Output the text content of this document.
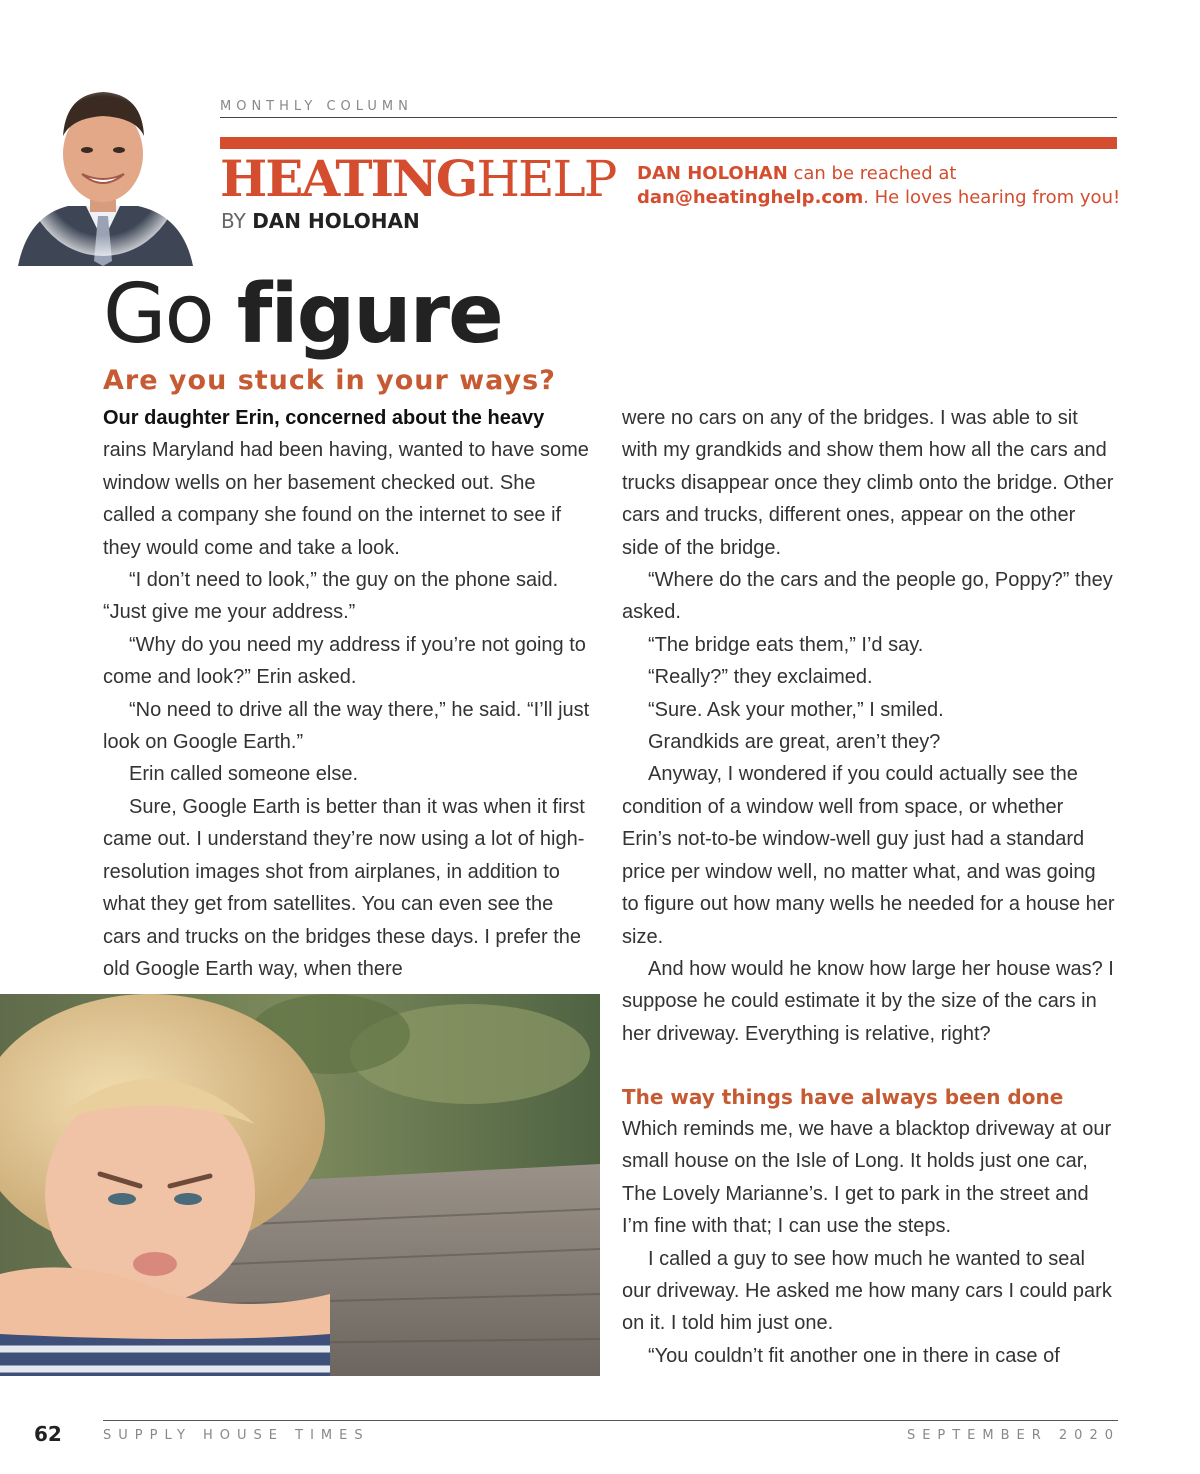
MONTHLY COLUMN
HEATINGHELP
BY DAN HOLOHAN
DAN HOLOHAN can be reached at
dan@heatinghelp.com. He loves hearing from you!
Go figure
Are you stuck in your ways?

Our daughter Erin, concerned about the heavy rains Maryland had been having, wanted to have some window wells on her basement checked out. She called a company she found on the internet to see if they would come and take a look.

“I don’t need to look,” the guy on the phone said. “Just give me your address.”

“Why do you need my address if you’re not going to come and look?” Erin asked.

“No need to drive all the way there,” he said. “I’ll just look on Google Earth.”

Erin called someone else.

Sure, Google Earth is better than it was when it first came out. I understand they’re now using a lot of high-resolution images shot from airplanes, in addition to what they get from satellites. You can even see the cars and trucks on the bridges these days. I prefer the old Google Earth way, when there

were no cars on any of the bridges. I was able to sit with my grandkids and show them how all the cars and trucks disappear once they climb onto the bridge. Other cars and trucks, different ones, appear on the other side of the bridge.

“Where do the cars and the people go, Poppy?” they asked.

“The bridge eats them,” I’d say.

“Really?” they exclaimed.

“Sure. Ask your mother,” I smiled.

Grandkids are great, aren’t they?

Anyway, I wondered if you could actually see the condition of a window well from space, or whether Erin’s not-to-be window-well guy just had a standard price per window well, no matter what, and was going to figure out how many wells he needed for a house her size.

And how would he know how large her house was? I suppose he could estimate it by the size of the cars in her driveway. Everything is relative, right?

The way things have always been done

Which reminds me, we have a blacktop driveway at our small house on the Isle of Long. It holds just one car, The Lovely Marianne’s. I get to park in the street and I’m fine with that; I can use the steps.

I called a guy to see how much he wanted to seal our driveway. He asked me how many cars I could park on it. I told him just one.

“You couldn’t fit another one in there in case of

62	SUPPLY HOUSE TIMES	SEPTEMBER 2020
